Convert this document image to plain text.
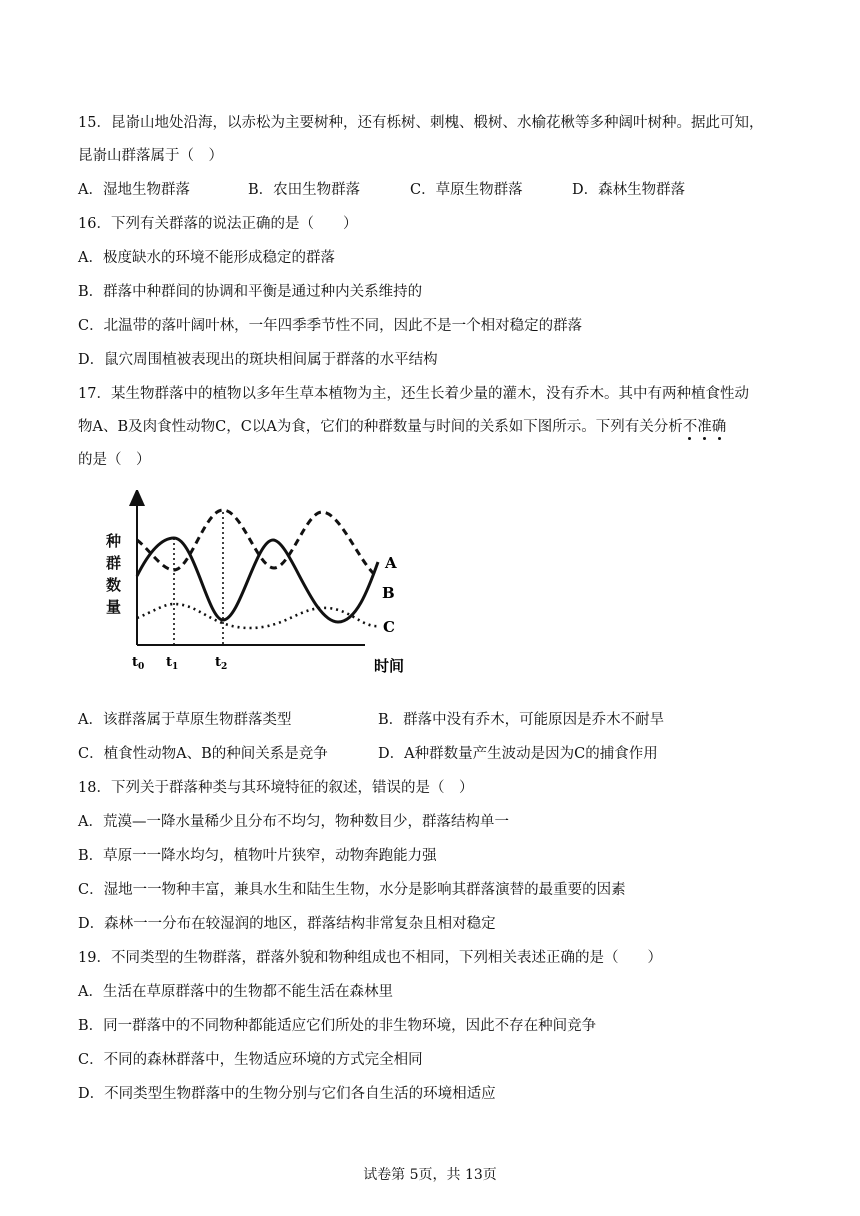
15．昆嵛山地处沿海，以赤松为主要树种，还有栎树、刺槐、椴树、水榆花楸等多种阔叶树种。据此可知，
昆嵛山群落属于（　）
A．湿地生物群落	B．农田生物群落	C．草原生物群落	D．森林生物群落
16．下列有关群落的说法正确的是（　　）
A．极度缺水的环境不能形成稳定的群落
B．群落中种群间的协调和平衡是通过种内关系维持的
C．北温带的落叶阔叶林，一年四季季节性不同，因此不是一个相对稳定的群落
D．鼠穴周围植被表现出的斑块相间属于群落的水平结构
17．某生物群落中的植物以多年生草本植物为主，还生长着少量的灌木，没有乔木。其中有两种植食性动
物A、B及肉食性动物C，C以A为食，它们的种群数量与时间的关系如下图所示。下列有关分析不准确
的是（　）
种 群 数 量
A
B
C
$t_0$ $t_1$	$t_2$	时间
A．该群落属于草原生物群落类型	B．群落中没有乔木，可能原因是乔木不耐旱
C．植食性动物A、B的种间关系是竞争	D．A种群数量产生波动是因为C的捕食作用
18．下列关于群落种类与其环境特征的叙述，错误的是（　）
A．荒漠—一降水量稀少且分布不均匀，物种数目少，群落结构单一
B．草原一一降水均匀，植物叶片狭窄，动物奔跑能力强
C．湿地一一物种丰富，兼具水生和陆生生物，水分是影响其群落演替的最重要的因素
D．森林一一分布在较湿润的地区，群落结构非常复杂且相对稳定
19．不同类型的生物群落，群落外貌和物种组成也不相同，下列相关表述正确的是（　　）
A．生活在草原群落中的生物都不能生活在森林里
B．同一群落中的不同物种都能适应它们所处的非生物环境，因此不存在种间竞争
C．不同的森林群落中，生物适应环境的方式完全相同
D．不同类型生物群落中的生物分别与它们各自生活的环境相适应
试卷第 5页，共 13页
